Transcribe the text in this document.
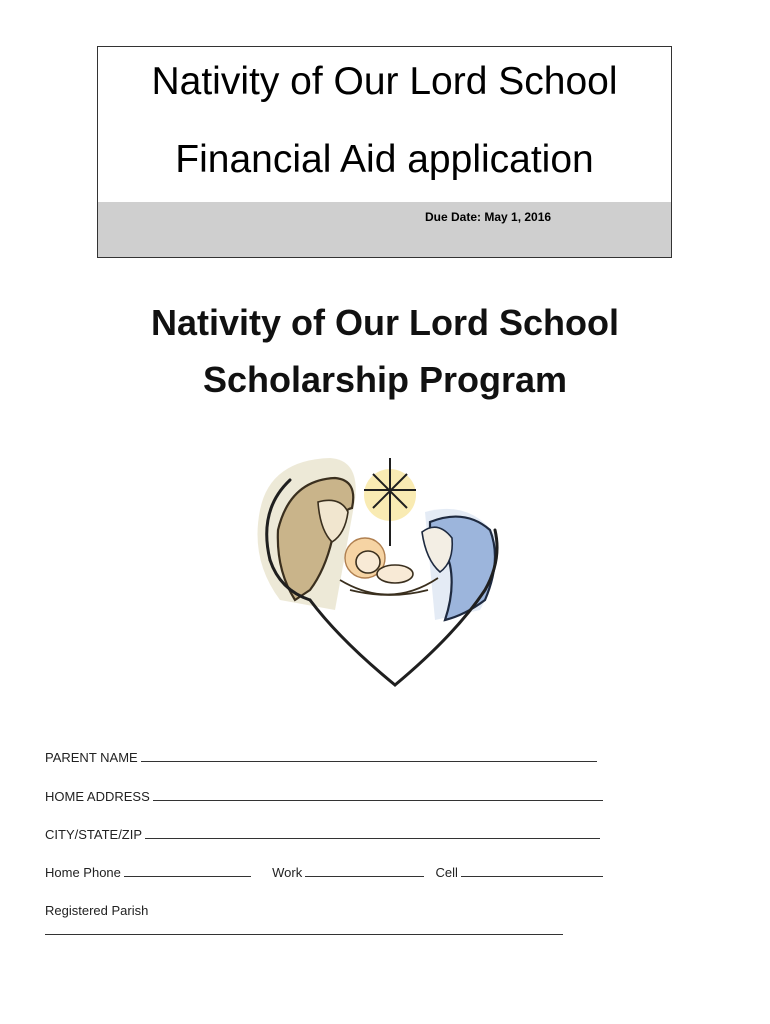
Nativity of Our Lord School
Financial Aid application
Due Date: May 1, 2016
Nativity of Our Lord School
Scholarship Program
PARENT NAME
HOME ADDRESS
CITY/STATE/ZIP
Home Phone	Work	Cell
Registered Parish
